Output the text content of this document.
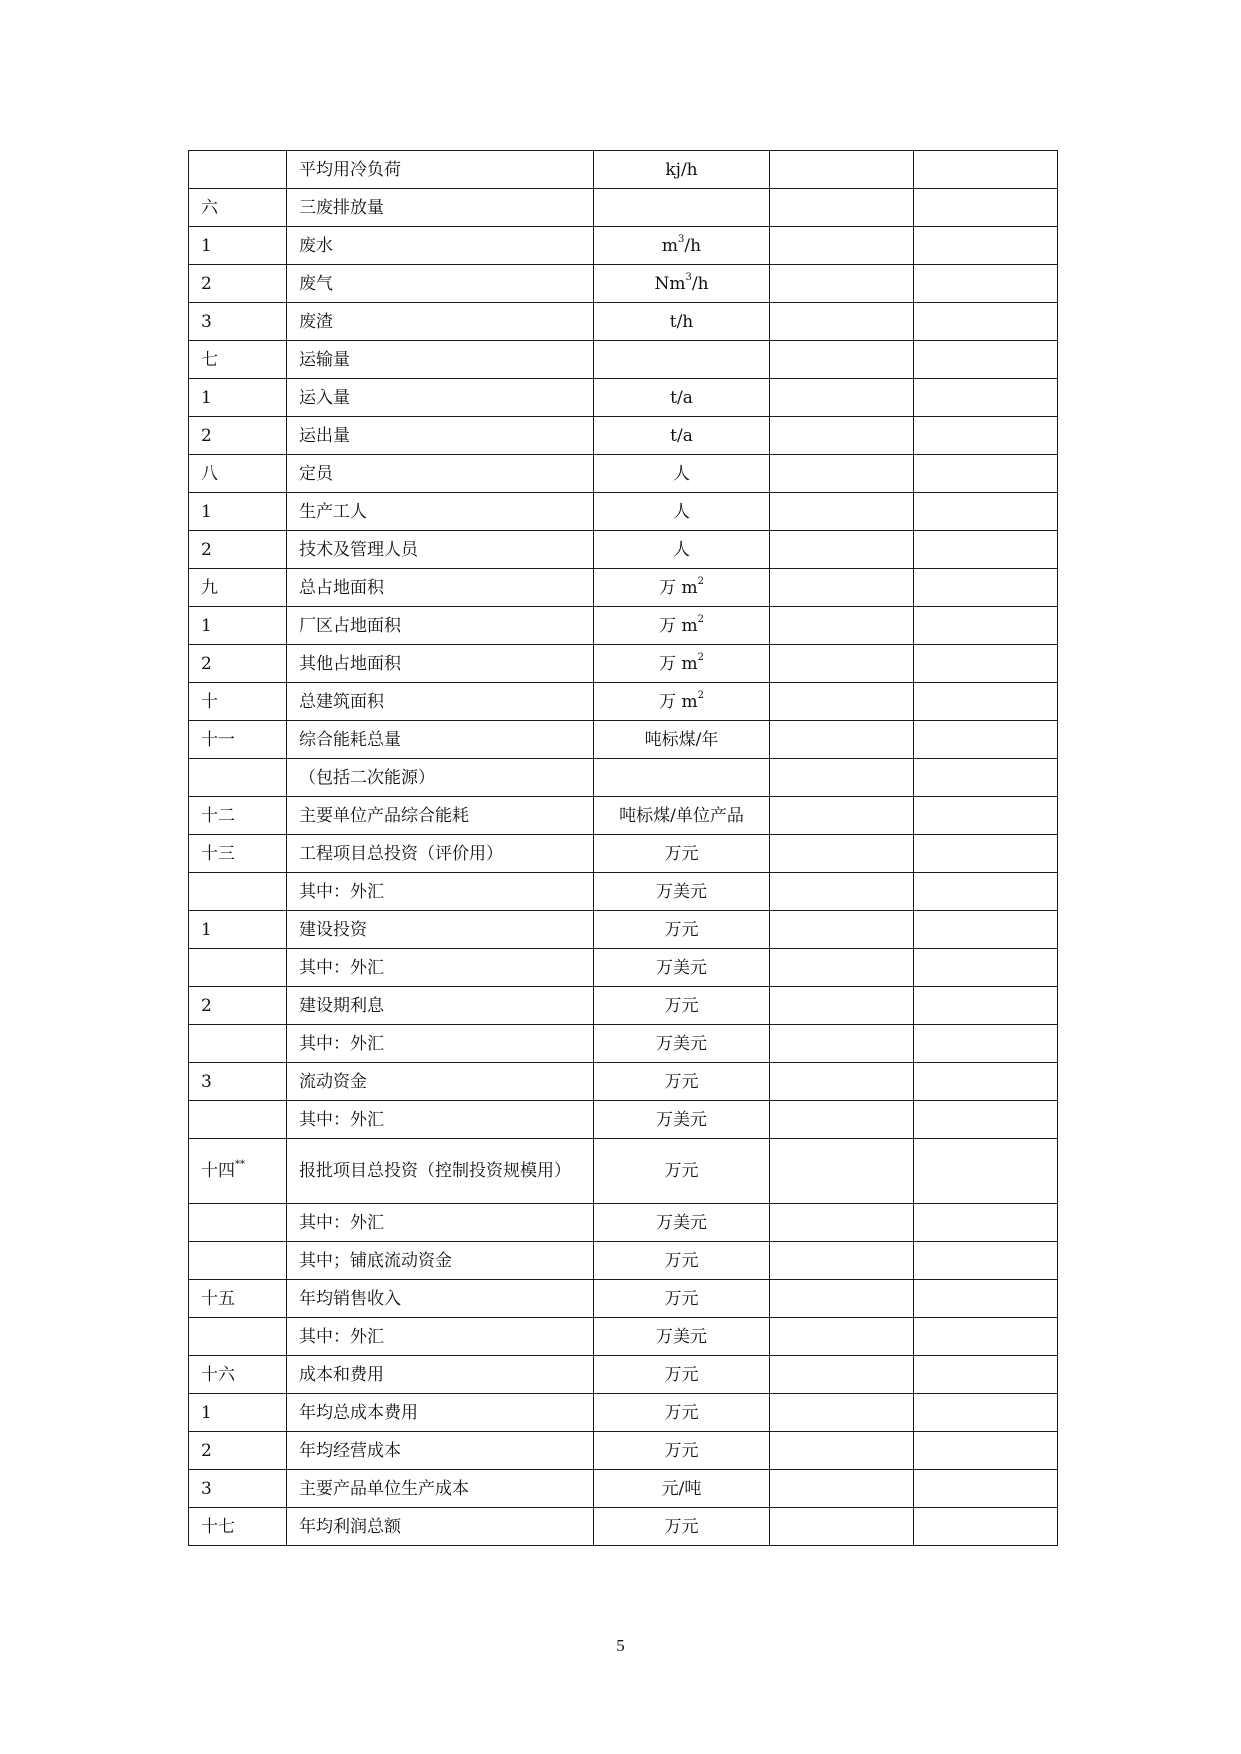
	平均用冷负荷	kj/h		
六	三废排放量			
1	废水	$m^3/h$		
2	废气	Nm$^3$/h		
3	废渣	t/h		
七	运输量			
1	运入量	t/a		
2	运出量	t/a		
八	定员	人		
1	生产工人	人		
2	技术及管理人员	人		
九	总占地面积	万 $m^2$		
1	厂区占地面积	万 $m^2$		
2	其他占地面积	万 $m^2$		
十	总建筑面积	万 $m^2$		
十一	综合能耗总量	吨标煤/年		
	（包括二次能源）			
十二	主要单位产品综合能耗	吨标煤/单位产品		
十三	工程项目总投资（评价用）	万元		
	其中：外汇	万美元		
1	建设投资	万元		
	其中：外汇	万美元		
2	建设期利息	万元		
	其中：外汇	万美元		
3	流动资金	万元		
	其中：外汇	万美元		
十四**	报批项目总投资（控制投资规模用）	万元		
	其中：外汇	万美元		
	其中；铺底流动资金	万元		
十五	年均销售收入	万元		
	其中：外汇	万美元		
十六	成本和费用	万元		
1	年均总成本费用	万元		
2	年均经营成本	万元		
3	主要产品单位生产成本	元/吨		
十七	年均利润总额	万元		
5
